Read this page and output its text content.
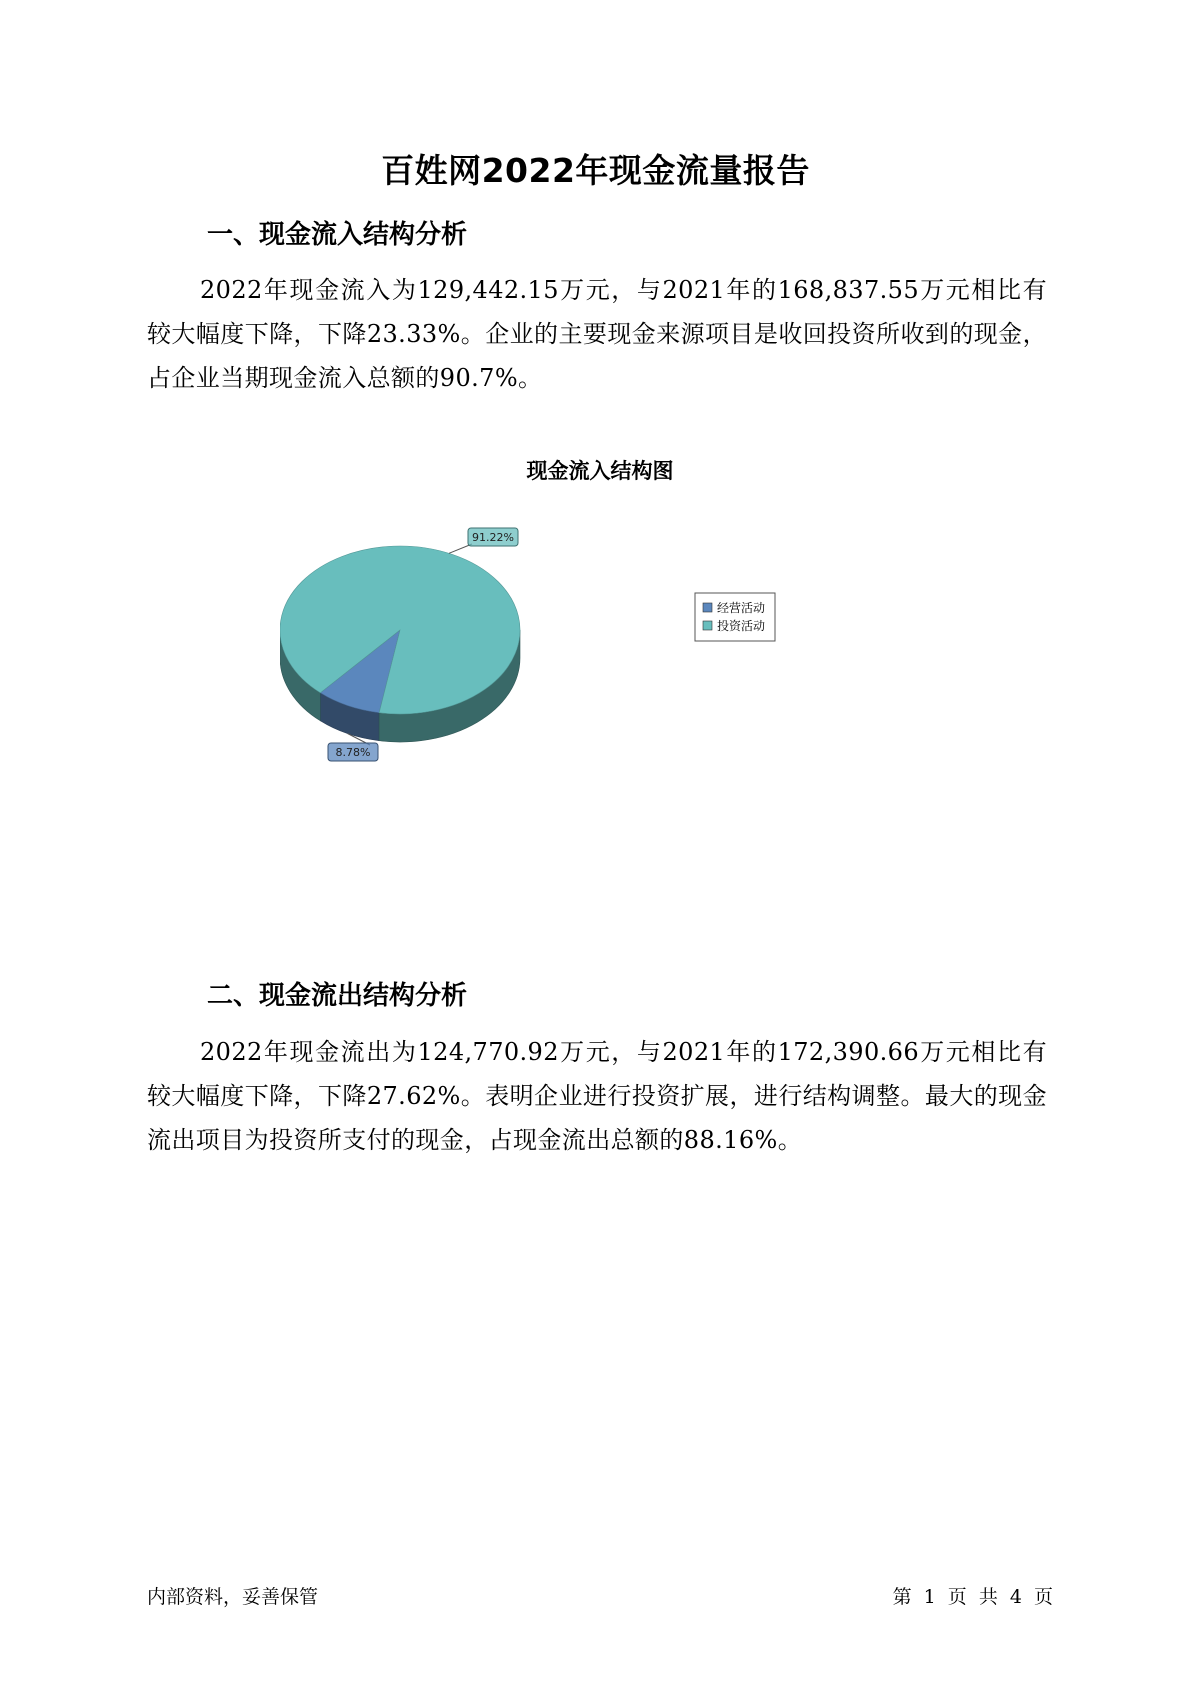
百姓网2022年现金流量报告
一、现金流入结构分析
2022年现金流入为129,442.15万元，与2021年的168,837.55万元相比有较大幅度下降，下降23.33%。企业的主要现金来源项目是收回投资所收到的现金，占企业当期现金流入总额的90.7%。
现金流入结构图
8.78%
91.22%
经营活动
投资活动
二、现金流出结构分析
2022年现金流出为124,770.92万元，与2021年的172,390.66万元相比有较大幅度下降，下降27.62%。表明企业进行投资扩展，进行结构调整。最大的现金流出项目为投资所支付的现金，占现金流出总额的88.16%。
内部资料，妥善保管	第 1 页 共 4 页
